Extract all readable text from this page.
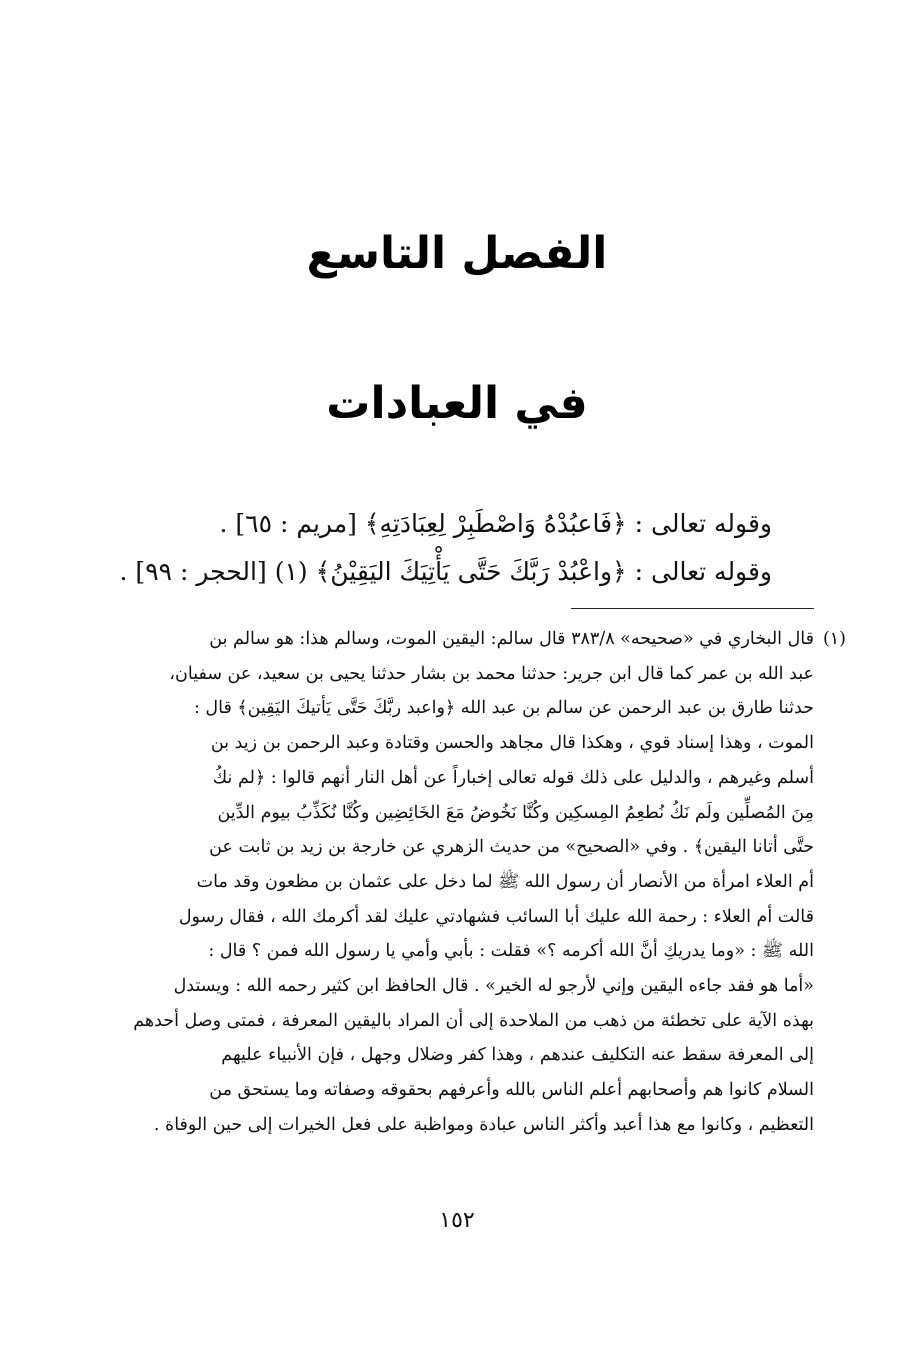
الفصل التاسع
في العبادات
وقوله تعالى : ﴿فَاعبُدْهُ وَاصْطَبِرْ لِعِبَادَتِهِ﴾ [مريم : ٦٥] .
وقوله تعالى : ﴿واعْبُدْ رَبَّكَ حَتَّى يَأْتِيَكَ اليَقِيْنُ﴾ (١) [الحجر : ٩٩] .
(١)
قال البخاري في «صحيحه» ٣٨٣/٨ قال سالم: اليقين الموت، وسالم هذا: هو سالم بن
عبد الله بن عمر كما قال ابن جرير: حدثنا محمد بن بشار حدثنا يحيى بن سعيد، عن سفيان،
حدثنا طارق بن عبد الرحمن عن سالم بن عبد الله ﴿واعبد ربَّكَ حَتَّى يَأتيكَ اليَقِين﴾ قال :
الموت ، وهذا إسناد قوي ، وهكذا قال مجاهد والحسن وقتادة وعبد الرحمن بن زيد بن
أسلم وغيرهم ، والدليل على ذلك قوله تعالى إخباراً عن أهل النار أنهم قالوا : ﴿لم نكُ
مِنَ المُصلِّين ولَم نَكُ نُطعِمُ المِسكِين وكُنَّا نَخُوضُ مَعَ الخَائِضِين وكُنَّا نُكَذِّبُ بيوم الدِّين
حتَّى أتانا اليقين﴾ . وفي «الصحيح» من حديث الزهري عن خارجة بن زيد بن ثابت عن
أم العلاء امرأة من الأنصار أن رسول الله ﷺ لما دخل على عثمان بن مظعون وقد مات
قالت أم العلاء : رحمة الله عليك أبا السائب فشهادتي عليك لقد أكرمك الله ، فقال رسول
الله ﷺ : «وما يدريكِ أنَّ الله أكرمه ؟» فقلت : بأبي وأمي يا رسول الله فمن ؟ قال :
«أما هو فقد جاءه اليقين وإني لأرجو له الخير» . قال الحافظ ابن كثير رحمه الله : ويستدل
بهذه الآية على تخطئة من ذهب من الملاحدة إلى أن المراد باليقين المعرفة ، فمتى وصل أحدهم
إلى المعرفة سقط عنه التكليف عندهم ، وهذا كفر وضلال وجهل ، فإن الأنبياء عليهم
السلام كانوا هم وأصحابهم أعلم الناس بالله وأعرفهم بحقوقه وصفاته وما يستحق من
التعظيم ، وكانوا مع هذا أعبد وأكثر الناس عبادة ومواظبة على فعل الخيرات إلى حين الوفاة .
١٥٢
